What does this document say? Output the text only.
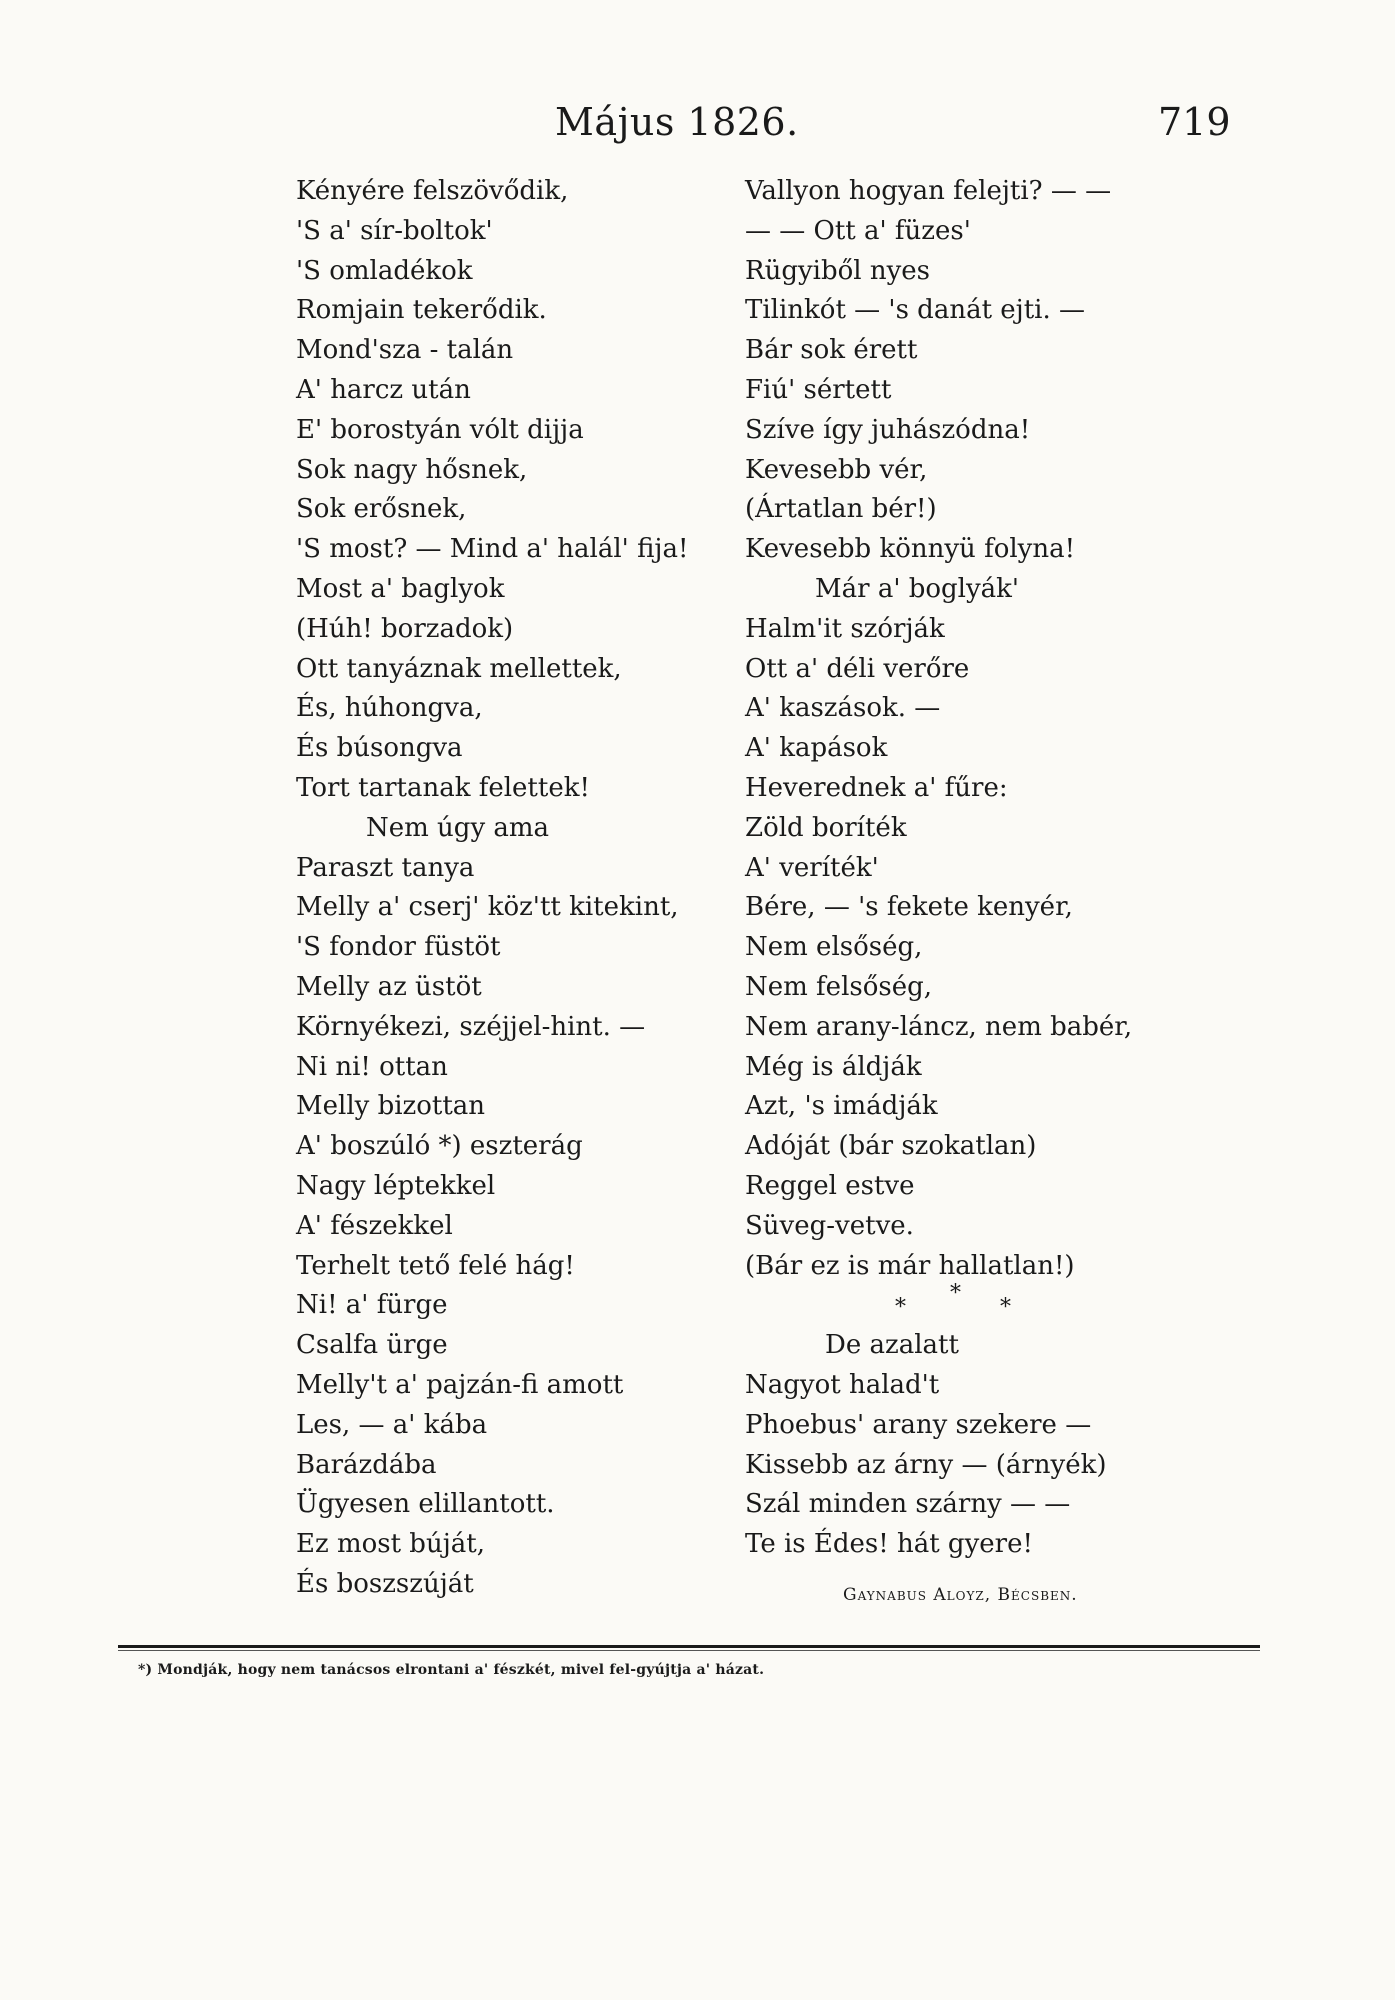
Május 1826.	719
Kényére felszövődik,
'S a' sír-boltok'
'S omladékok
Romjain tekerődik.
Mond'sza - talán
A' harcz után
E' borostyán vólt dijja
Sok nagy hősnek,
Sok erősnek,
'S most? — Mind a' halál' fija!
Most a' baglyok
(Húh! borzadok)
Ott tanyáznak mellettek,
És, húhongva,
És búsongva
Tort tartanak felettek!
Nem úgy ama
Paraszt tanya
Melly a' cserj' köz'tt kitekint,
'S fondor füstöt
Melly az üstöt
Környékezi, széjjel-hint. —
Ni ni! ottan
Melly bizottan
A' boszúló *) eszterág
Nagy léptekkel
A' fészekkel
Terhelt tető felé hág!
Ni! a' fürge
Csalfa ürge
Melly't a' pajzán-fi amott
Les, — a' kába
Barázdába
Ügyesen elillantott.
Ez most búját,
És boszszúját
Vallyon hogyan felejti? — —
— — Ott a' füzes'
Rügyiből nyes
Tilinkót — 's danát ejti. —
Bár sok érett
Fiú' sértett
Szíve így juhászódna!
Kevesebb vér,
(Ártatlan bér!)
Kevesebb könnyü folyna!
Már a' boglyák'
Halm'it szórják
Ott a' déli verőre
A' kaszások. —
A' kapások
Heverednek a' fűre:
Zöld boríték
A' veríték'
Bére, — 's fekete kenyér,
Nem elsőség,
Nem felsőség,
Nem arany-láncz, nem babér,
Még is áldják
Azt, 's imádják
Adóját (bár szokatlan)
Reggel estve
Süveg-vetve.
(Bár ez is már hallatlan!)
*
*
*
De azalatt
Nagyot halad't
Phoebus' arany szekere —
Kissebb az árny — (árnyék)
Szál minden szárny — —
Te is Édes! hát gyere!
Gaynabus Aloyz, Bécsben.
*) Mondják, hogy nem tanácsos elrontani a' fészkét, mivel fel-gyújtja a' házat.
